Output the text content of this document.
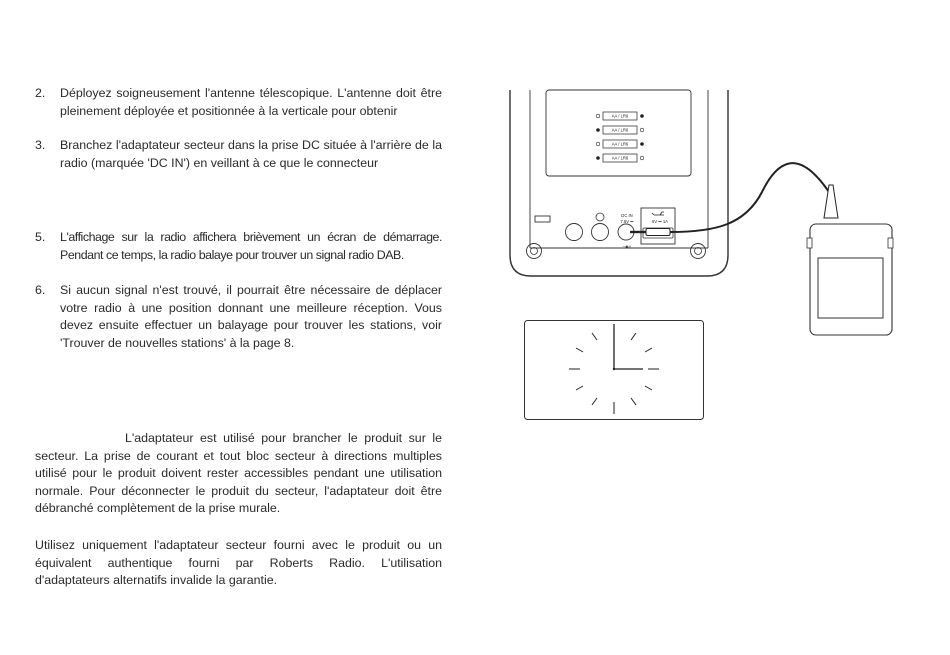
2. Déployez soigneusement l'antenne télescopique. L'antenne doit être pleinement déployée et positionnée à la verticale pour obtenir
3. Branchez l'adaptateur secteur dans la prise DC située à l'arrière de la radio (marquée 'DC IN') en veillant à ce que le connecteur
5. L'affichage sur la radio affichera brièvement un écran de démarrage. Pendant ce temps, la radio balaye pour trouver un signal radio DAB.
6. Si aucun signal n'est trouvé, il pourrait être nécessaire de déplacer votre radio à une position donnant une meilleure réception. Vous devez ensuite effectuer un balayage pour trouver les stations, voir 'Trouver de nouvelles stations' à la page 8.
L'adaptateur est utilisé pour brancher le produit sur le secteur. La prise de courant et tout bloc secteur à directions multiples utilisé pour le produit doivent rester accessibles pendant une utilisation normale. Pour déconnecter le produit du secteur, l'adaptateur doit être débranché complètement de la prise murale.
Utilisez uniquement l'adaptateur secteur fourni avec le produit ou un équivalent authentique fourni par Roberts Radio. L'utilisation d'adaptateurs alternatifs invalide la garantie.
AA / LR6
AA / LR6
AA / LR6
AA / LR6
DC IN
7.5V ⎓
–◉+
5V ⎓ 1A
